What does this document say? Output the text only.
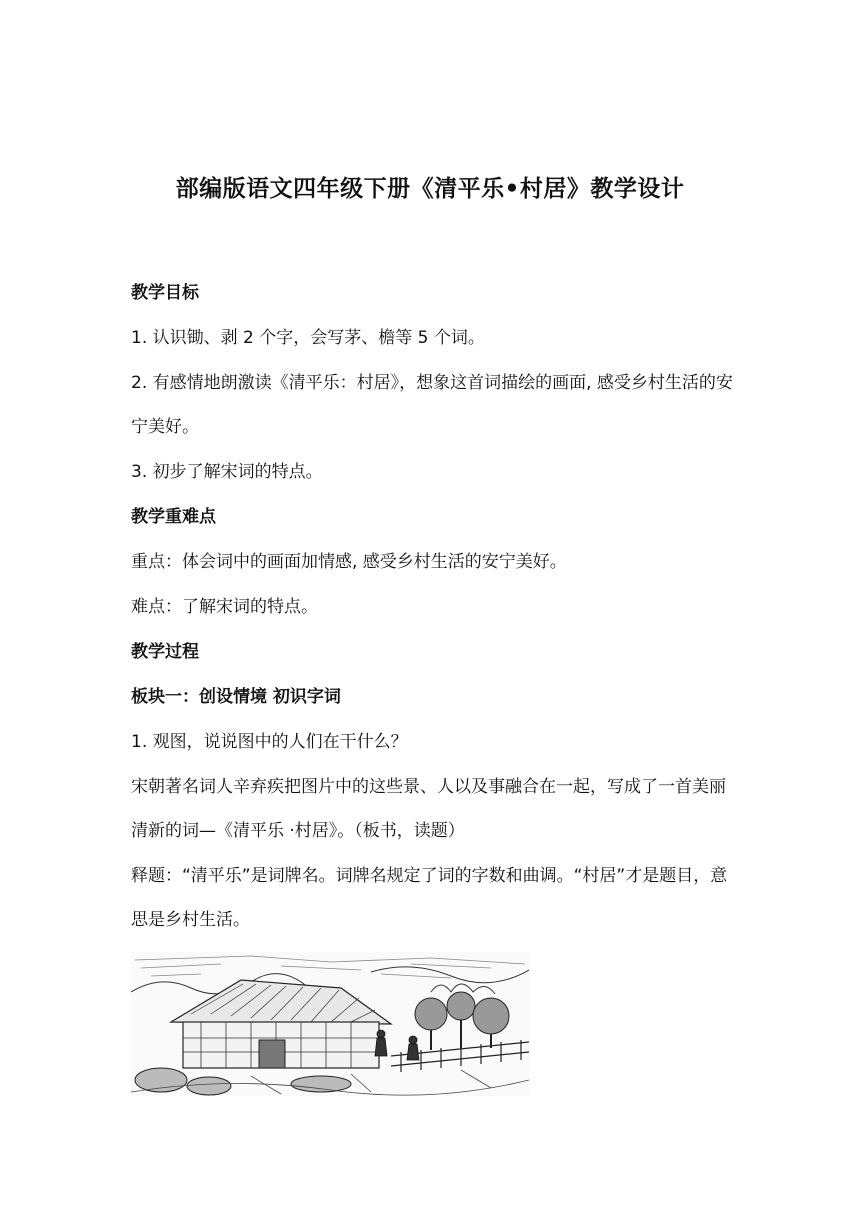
部编版语文四年级下册《清平乐•村居》教学设计
教学目标
1. 认识锄、剥 2 个字，会写茅、檐等 5 个词。
2. 有感情地朗激读《清平乐：村居》，想象这首词描绘的画面, 感受乡村生活的安宁美好。
3. 初步了解宋词的特点。
教学重难点
重点：体会词中的画面加情感, 感受乡村生活的安宁美好。
难点：了解宋词的特点。
教学过程
板块一：创设情境 初识字词
1. 观图，说说图中的人们在干什么？
宋朝著名词人辛弃疾把图片中的这些景、人以及事融合在一起，写成了一首美丽清新的词—《清平乐 ·村居》。（板书，读题）
释题：“清平乐”是词牌名。词牌名规定了词的字数和曲调。“村居”才是题目，意思是乡村生活。
